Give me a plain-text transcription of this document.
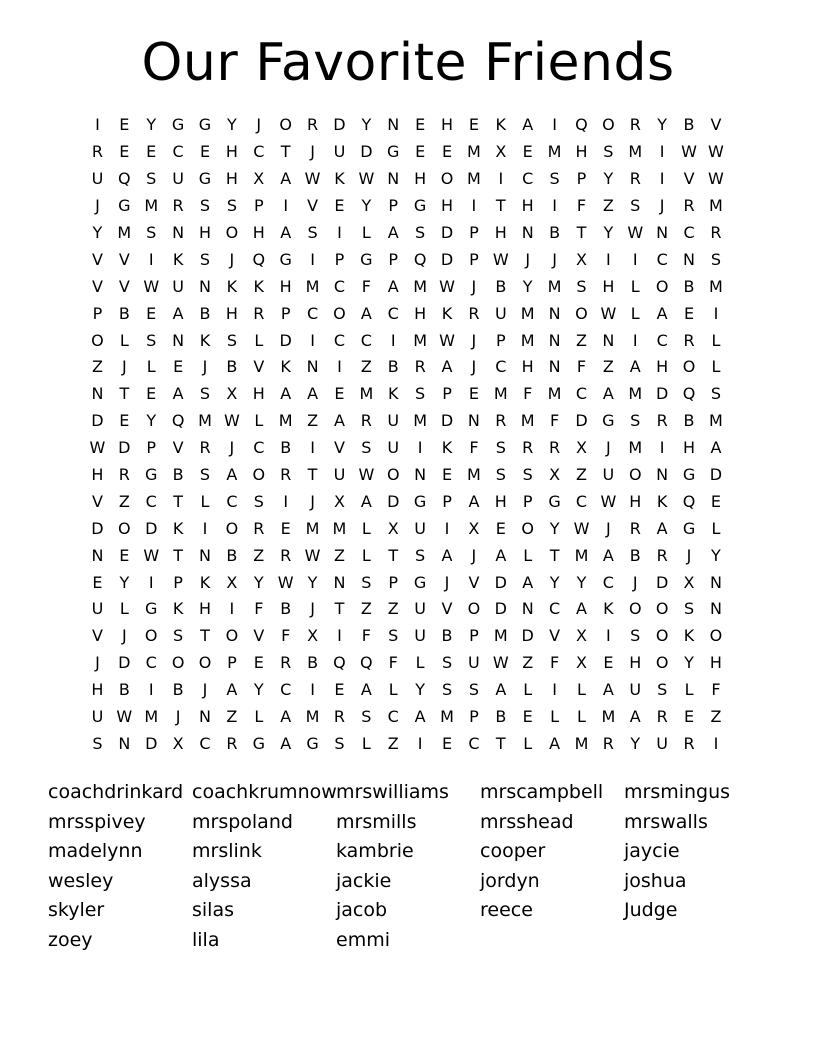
Our Favorite Friends
I	E	Y G G Y	J	O R D Y	N E H E	K	A	I	Q O R	Y	B V
R	E	E	C	E H C	T	J	U D G E	E M X	E M H S M	I	W W
U Q S U G H X A W K W N H O M	I	C	S	P	Y	R	I	V W
J	G M R	S	S	P	I	V	E	Y	P G H	I	T H	I	F	Z	S	J	R M
Y M S N H O H A	S	I	L	A	S D P	H N B	T	Y W N C R
V V	I	K	S	J	Q G	I	P G P Q D P W	J	J	X	I	I	C N S
V V W U N K	K H M C	F	A M W	J	B	Y M S H	L	O B M
P	B	E	A B H R	P	C O A C H K	R U M N O W L	A	E	I
O	L	S N K	S	L	D	I	C C	I	M W	J	P M N Z N	I	C R	L
Z	J	L	E	J	B V	K N	I	Z B R A	J	C H N	F	Z A H O	L
N	T	E	A	S	X H A A	E M K	S	P	E M F M C A M D Q S
D E	Y Q M W L M Z A R U M D N R M F	D G S	R B M
W D P	V R	J	C B	I	V	S U	I	K	F	S	R R X	J	M	I	H A
H R G B	S	A O R	T	U W O N E M S	S	X Z U O N G D
V Z C	T	L	C	S	I	J	X A D G P	A H	P G C W H K Q E
D O D K	I	O R	E M M L	X U	I	X	E O Y W	J	R A G	L
N E W T	N B Z R W Z	L	T	S	A	J	A	L	T M A B R	J	Y
E	Y	I	P	K	X	Y W Y	N S	P G	J	V D A	Y	Y	C	J	D X N
U	L	G K H	I	F	B	J	T	Z Z U V O D N C A	K O O S N
V	J	O S	T O V	F	X	I	F	S U B	P M D V X	I	S O K O
J	D C O O P	E	R B Q Q	F	L	S U W Z	F	X	E H O Y H
H B	I	B	J	A	Y	C	I	E	A	L	Y	S	S	A	L	I	L	A U S	L	F
U W M	J	N Z	L	A M R	S	C A M P	B	E	L	L M A R	E	Z
S N D X C R G A G S	L	Z	I	E	C	T	L	A M R	Y	U R	I
coachdrinkard coachkrumnow mrswilliams	mrscampbell	mrsmingus
mrsspivey	mrspoland	mrsmills	mrsshead	mrswalls
madelynn	mrslink	kambrie	cooper	jaycie
wesley	alyssa	jackie	jordyn	joshua
skyler	silas	jacob	reece	Judge
zoey	lila	emmi
